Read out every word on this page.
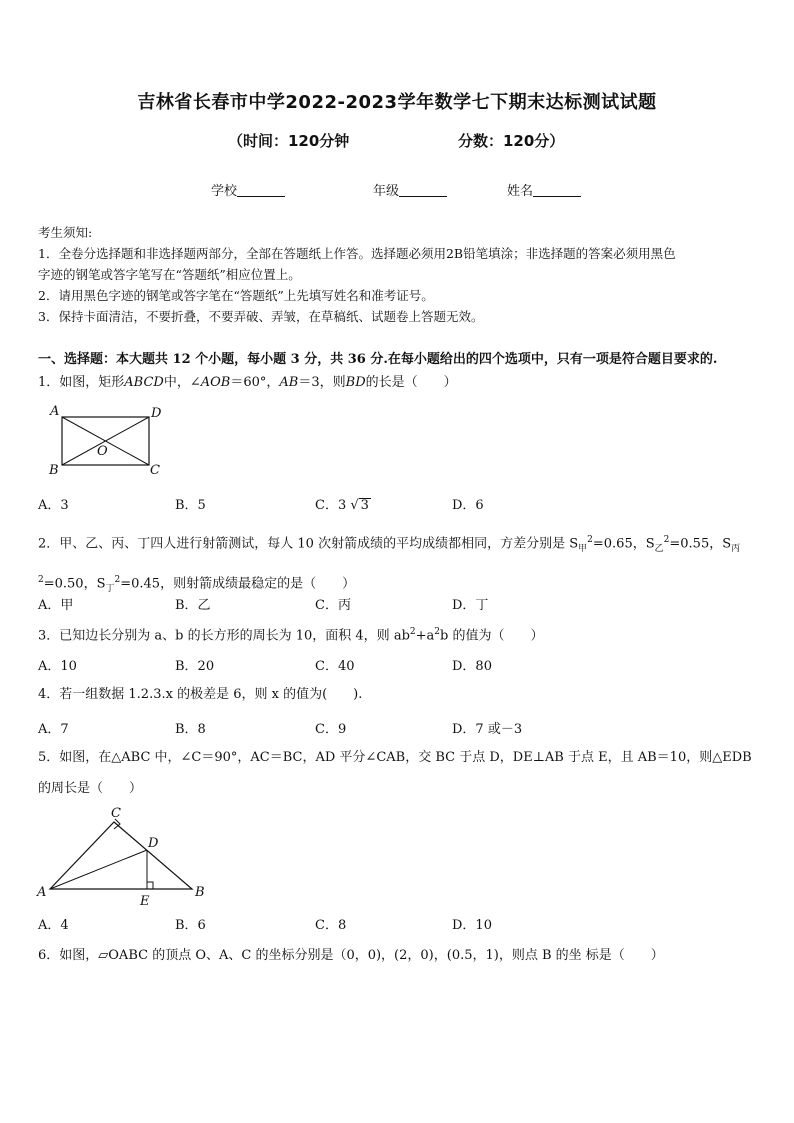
吉林省长春市中学2022-2023学年数学七下期末达标测试试题
（时间：120分钟	分数：120分）
学校	年级	姓名

考生须知:

1．全卷分选择题和非选择题两部分，全部在答题纸上作答。选择题必须用2B铅笔填涂；非选择题的答案必须用黑色

字迹的钢笔或答字笔写在“答题纸”相应位置上。

2．请用黑色字迹的钢笔或答字笔在“答题纸”上先填写姓名和准考证号。

3．保持卡面清洁，不要折叠，不要弄破、弄皱，在草稿纸、试题卷上答题无效。

一、选择题：本大题共 12 个小题，每小题 3 分，共 36 分.在每小题给出的四个选项中，只有一项是符合题目要求的.
1．如图，矩形ABCD中，∠AOB＝60°，AB＝3，则BD的长是（　　）
A	D
B	C
O
A．3	B．5	C．3 √ 3	D．6
2．甲、乙、丙、丁四人进行射箭测试，每人 10 次射箭成绩的平均成绩都相同，方差分别是 $S_甲^2=0.65$，$S_乙^2=0.55$，$S_丙^2=0.50$，$S_丁^2=0.45$，则射箭成绩最稳定的是（　　）
A．甲	B．乙	C．丙	D．丁
3．已知边长分别为 a、b 的长方形的周长为 10，面积 4，则 $ab^2+a^2b$ 的值为（　　）
A．10	B．20	C．40	D．80
4．若一组数据 1.2.3.x 的极差是 6，则 x 的值为(　　).
A．7	B．8	C．9	D．7 或－3
5．如图，在△ABC 中，∠C＝90°，AC＝BC，AD 平分∠CAB，交 BC 于点 D，DE⊥AB 于点 E，且 AB＝10，则△EDB
的周长是（　　）
C
D
A	B
E
A．4	B．6	C．8	D．10
6．如图，▱OABC 的顶点 O、A、C 的坐标分别是（0，0)，(2，0)，(0.5，1)，则点 B 的坐 标是（　　）
